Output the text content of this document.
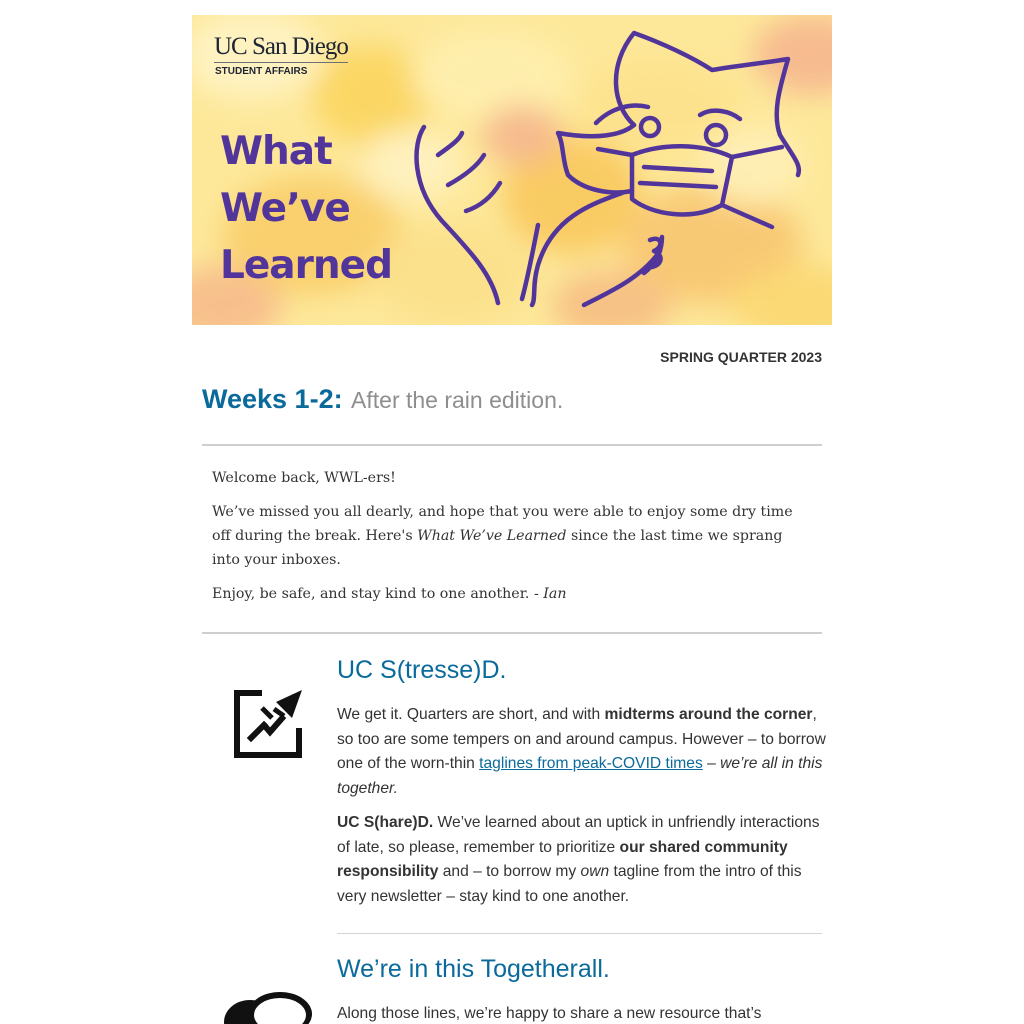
UC San Diego
STUDENT AFFAIRS
What
We’ve
Learned
SPRING QUARTER 2023
Weeks 1-2: After the rain edition.

Welcome back, WWL-ers!

We’ve missed you all dearly, and hope that you were able to enjoy some dry time off during the break. Here's What We’ve Learned since the last time we sprang into your inboxes.

Enjoy, be safe, and stay kind to one another. - Ian

UC S(tresse)D.

We get it. Quarters are short, and with midterms around the corner, so too are some tempers on and around campus. However – to borrow one of the worn-thin taglines from peak-COVID times – we’re all in this together.

UC S(hare)D. We’ve learned about an uptick in unfriendly interactions of late, so please, remember to prioritize our shared community responsibility and – to borrow my own tagline from the intro of this very newsletter – stay kind to one another.

We’re in this Togetherall.

Along those lines, we’re happy to share a new resource that’s
